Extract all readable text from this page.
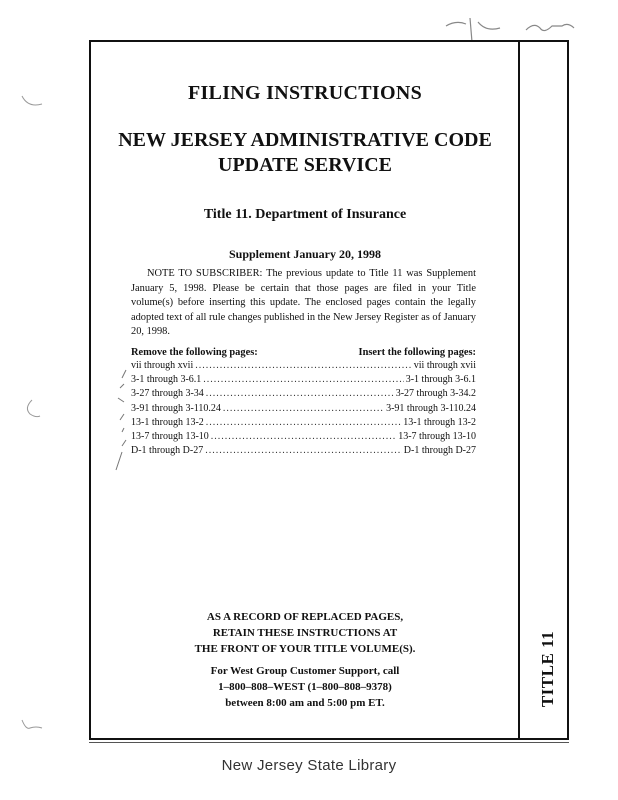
TITLE 11
FILING INSTRUCTIONS
NEW JERSEY ADMINISTRATIVE CODE
UPDATE SERVICE
Title 11. Department of Insurance
Supplement January 20, 1998
NOTE TO SUBSCRIBER: The previous update to Title 11 was Supplement January 5, 1998. Please be certain that those pages are filed in your Title volume(s) before inserting this update. The enclosed pages contain the legally adopted text of all rule changes published in the New Jersey Register as of January 20, 1998.
Remove the following pages:	Insert the following pages:
vii through xvii .....	vii through xvii
3-1 through 3-6.1 .....	3-1 through 3-6.1
3-27 through 3-34 .....	3-27 through 3-34.2
3-91 through 3-110.24 .....	3-91 through 3-110.24
13-1 through 13-2 .....	13-1 through 13-2
13-7 through 13-10 .....	13-7 through 13-10
D-1 through D-27 .....	D-1 through D-27
AS A RECORD OF REPLACED PAGES,
RETAIN THESE INSTRUCTIONS AT
THE FRONT OF YOUR TITLE VOLUME(S).
For West Group Customer Support, call
1–800–808–WEST (1–800–808–9378)
between 8:00 am and 5:00 pm ET.
New Jersey State Library
